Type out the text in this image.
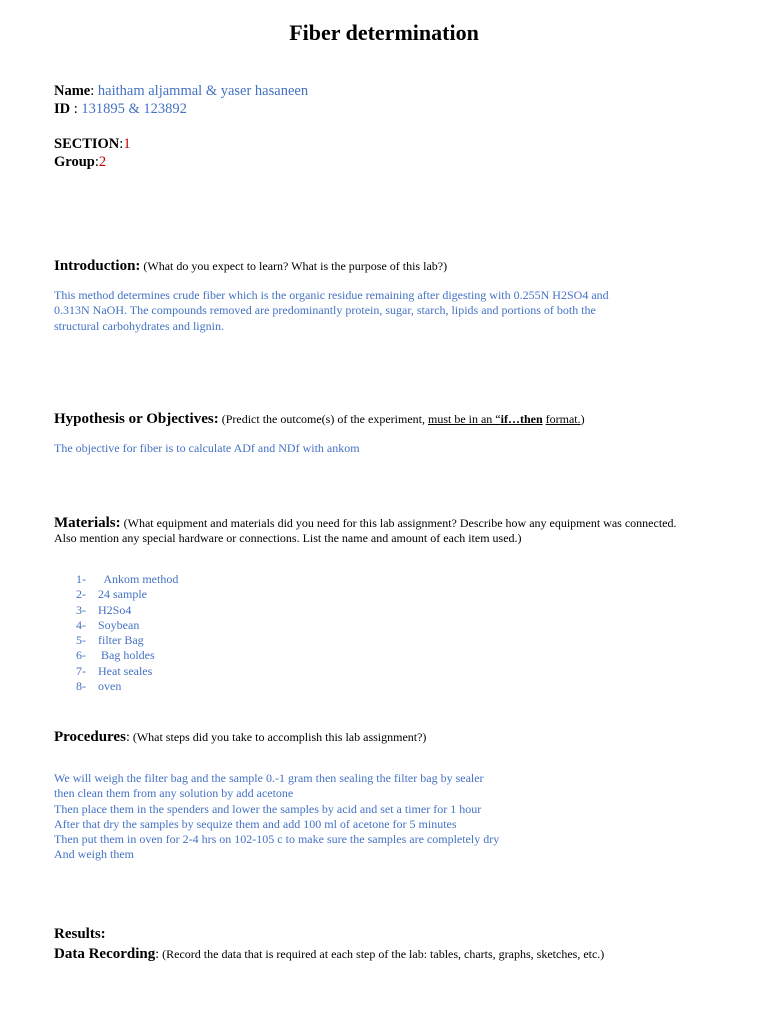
Fiber determination
Name: haitham aljammal & yaser hasaneen
ID : 131895 & 123892
SECTION:1
Group:2
Introduction: (What do you expect to learn? What is the purpose of this lab?)
This method determines crude fiber which is the organic residue remaining after digesting with 0.255N H2SO4 and
0.313N NaOH. The compounds removed are predominantly protein, sugar, starch, lipids and portions of both the
structural carbohydrates and lignin.
Hypothesis or Objectives: (Predict the outcome(s) of the experiment, must be in an “if…then format.)
The objective for fiber is to calculate ADf and NDf with ankom
Materials: (What equipment and materials did you need for this lab assignment? Describe how any equipment was connected.
Also mention any special hardware or connections. List the name and amount of each item used.)
1-	Ankom method
2-	24 sample
3-	H2So4
4-	Soybean
5-	filter Bag
6-	Bag holdes
7-	Heat seales
8-	oven
Procedures: (What steps did you take to accomplish this lab assignment?)
We will weigh the filter bag and the sample 0.-1 gram then sealing the filter bag by sealer
then clean them from any solution by add acetone
Then place them in the spenders and lower the samples by acid and set a timer for 1 hour
After that dry the samples by sequize them and add 100 ml of acetone for 5 minutes
Then put them in oven for 2-4 hrs on 102-105 c to make sure the samples are completely dry
And weigh them
Results:
Data Recording: (Record the data that is required at each step of the lab: tables, charts, graphs, sketches, etc.)
